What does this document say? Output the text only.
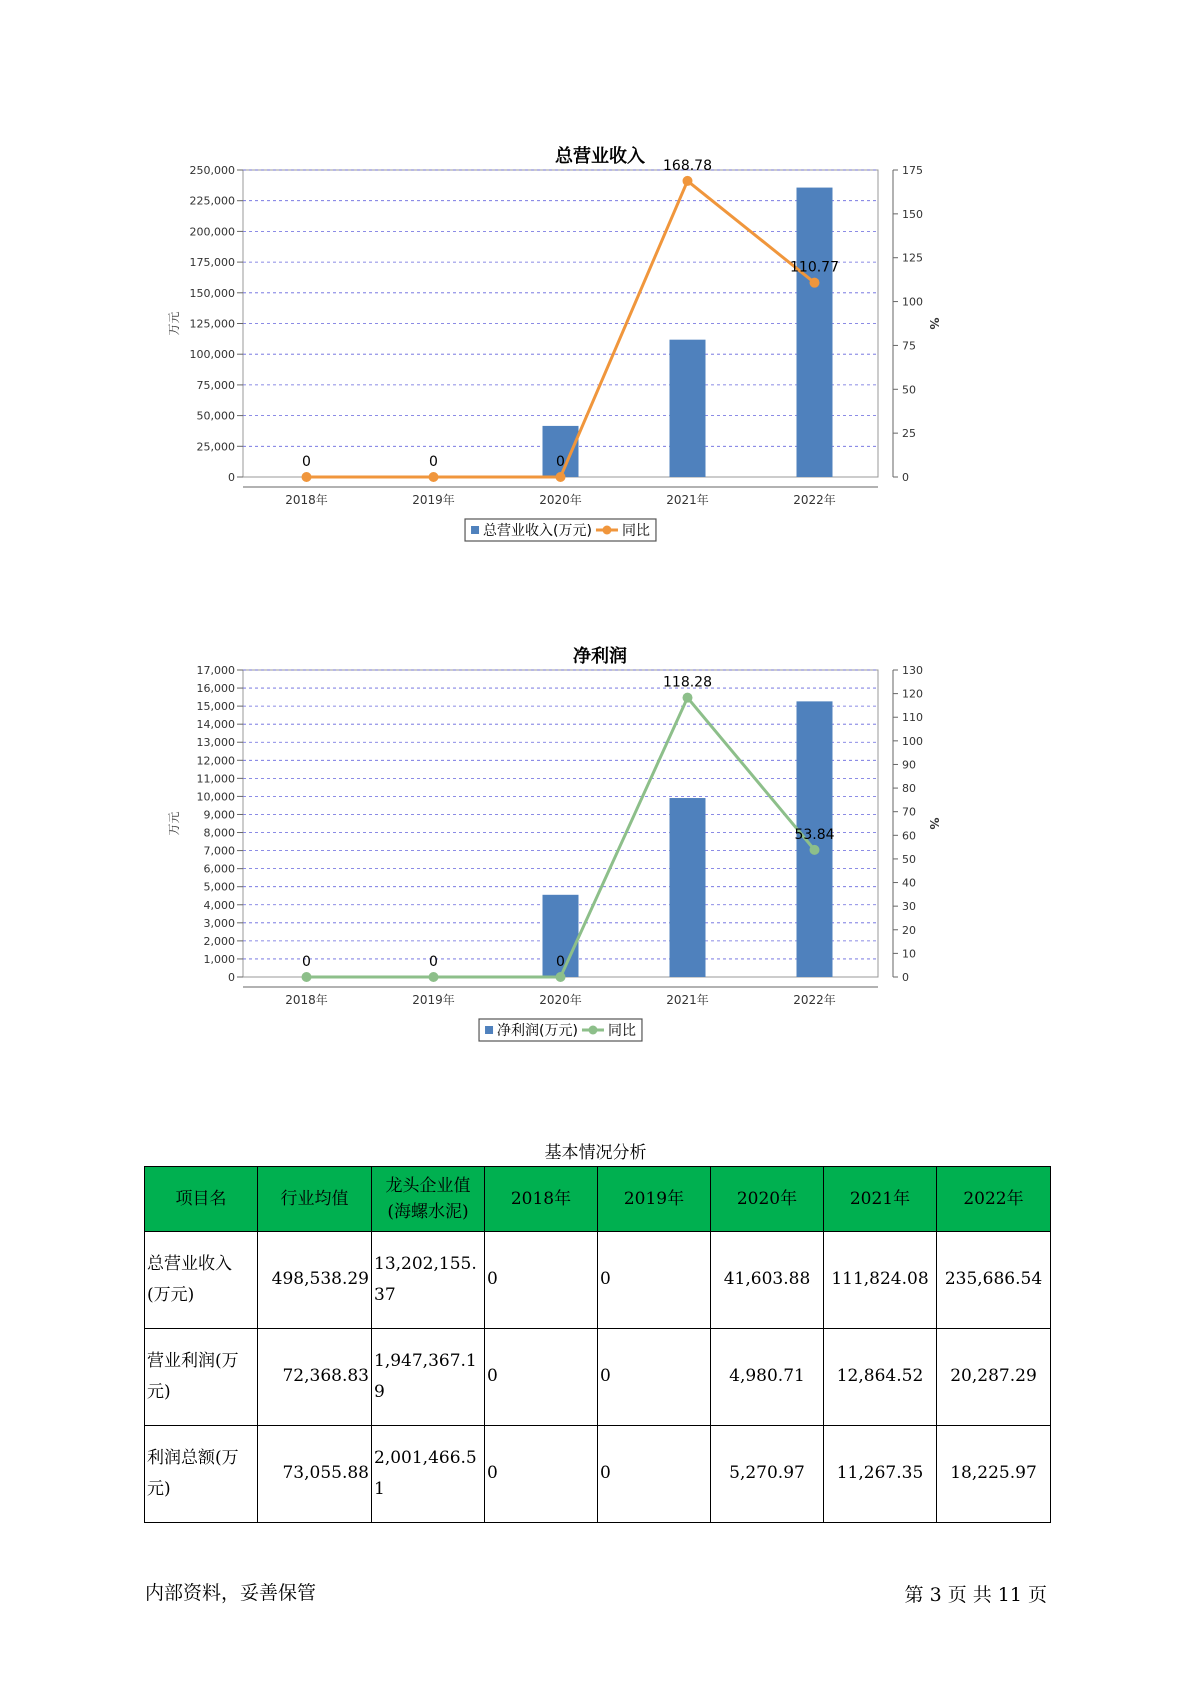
总营业收入
0
25,000
50,000
75,000
100,000
125,000
150,000
175,000
200,000
225,000
250,000
0
25
50
75
100
125
150
175
万元	%
2018年	2019年	2020年	2021年	2022年
0	0	0
168.78
110.77
总营业收入(万元) 同比
净利润
0
1,000
2,000
3,000
4,000
5,000
6,000
7,000
8,000
9,000
10,000
11,000
12,000
13,000
14,000
15,000
16,000
17,000
0
10
20
30
40
50
60
70
80
90
100
110
120
130
万元	%
2018年	2019年	2020年	2021年	2022年
0	0	0
118.28
53.84
净利润(万元) 同比
基本情况分析
项目名	行业均值	龙头企业值(海螺水泥)	2018年	2019年	2020年	2021年	2022年
总营业收入(万元)	498,538.29	13,202,155.37	0	0	41,603.88	111,824.08	235,686.54
营业利润(万元)	72,368.83	1,947,367.19	0	0	4,980.71	12,864.52	20,287.29
利润总额(万元)	73,055.88	2,001,466.51	0	0	5,270.97	11,267.35	18,225.97
内部资料，妥善保管	第 3 页 共 11 页
